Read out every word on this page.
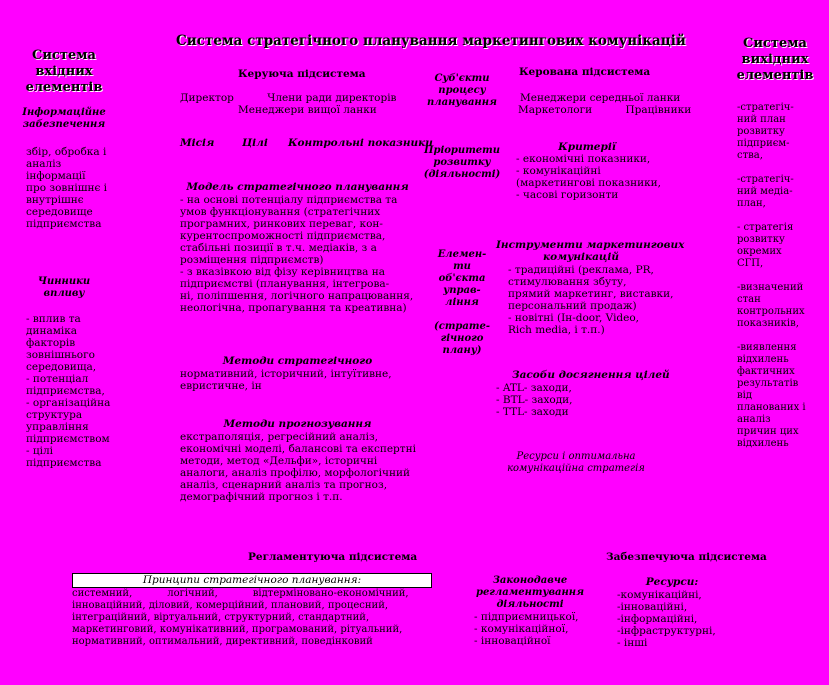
Система стратегічного планування маркетингових комунікацій
Система
вхідних
елементів
Інформаційне
забезпечення
збір, обробка і
аналіз
інформації
про зовнішнє і
внутрішнє
середовище
підприємства
Чинники
впливу
- вплив та
динаміка
факторів
зовнішнього
середовища,
- потенціал
підприємства,
- організаційна
структура
управління
підприємством
- цілі
підприємства
Керуюча підсистема
Директор          Члени ради директорів
Менеджери вищої ланки
Місія	Цілі Контрольні показники
Модель стратегічного планування
- на основі потенціалу підприємства та
умов функціонування (стратегічних
програмних, ринкових переваг, кон-
курентоспроможності підприємства,
стабільні позиції в т.ч. медіаків, з а
розміщення підприємств)
- з вказівкою від фізу керівництва на
підприємстві (планування, інтегрова-
ні, поліпшення, логічного напрацювання,
неологічна, пропагування та креативна)
Методи стратегічного
нормативний, історичний, інтуїтивне,
евристичне, ін
Методи прогнозування
екстраполяція, регресійний аналіз,
економічні моделі, балансові та експертні
методи, метод «Дельфи», історичні
аналоги, аналіз профілю, морфологічний
аналіз, сценарний аналіз та прогноз,
демографічний прогноз і т.п.
Суб'єкти
процесу
планування
Пріоритети
розвитку
(діяльності)
Елемен-
ти
об'єкта
управ-
ління
(страте-
гічного
плану)
Керована підсистема
Менеджери середньої ланки
Маркетологи          Працівники
Критерії
- економічні показники,
- комунікаційні
(маркетингові показники,
- часові горизонти
Інструменти маркетингових
комунікацій
- традиційні (реклама, PR,
стимулювання збуту,
прямий маркетинг, виставки,
персональний продаж)
- новітні (Ін-door, Video,
Rich media, і т.п.)
Засоби досягнення цілей
- ATL- заходи,
- BTL- заходи,
- TTL- заходи
Ресурси і оптимальна
комунікаційна стратегія
Система
вихідних
елементів
-стратегіч-
ний план
розвитку
підприєм-
ства,
-стратегіч-
ний медіа-
план,
- стратегія
розвитку
окремих
СГП,
-визначений
стан
контрольних
показників,
-виявлення
відхилень
фактичних
результатів
від
планованих і
аналіз
причин цих
відхилень
Регламентуюча підсистема
Принципи стратегічного планування:
системний,           логічний,           відтерміновано-економічний,
інноваційний, діловий, комерційний, плановий, процесний,
інтеграційний, віртуальний, структурний, стандартний,
маркетинговий, комунікативний, програмований, рітуальний,
нормативний, оптимальний, директивний, поведінковий
Законодавче
регламентування
діяльності
- підприємницької,
- комунікаційної,
- інноваційної
Забезпечуюча підсистема
Ресурси:
-комунікаційні,
-інноваційні,
-інформаційні,
-інфраструктурні,
- інші
